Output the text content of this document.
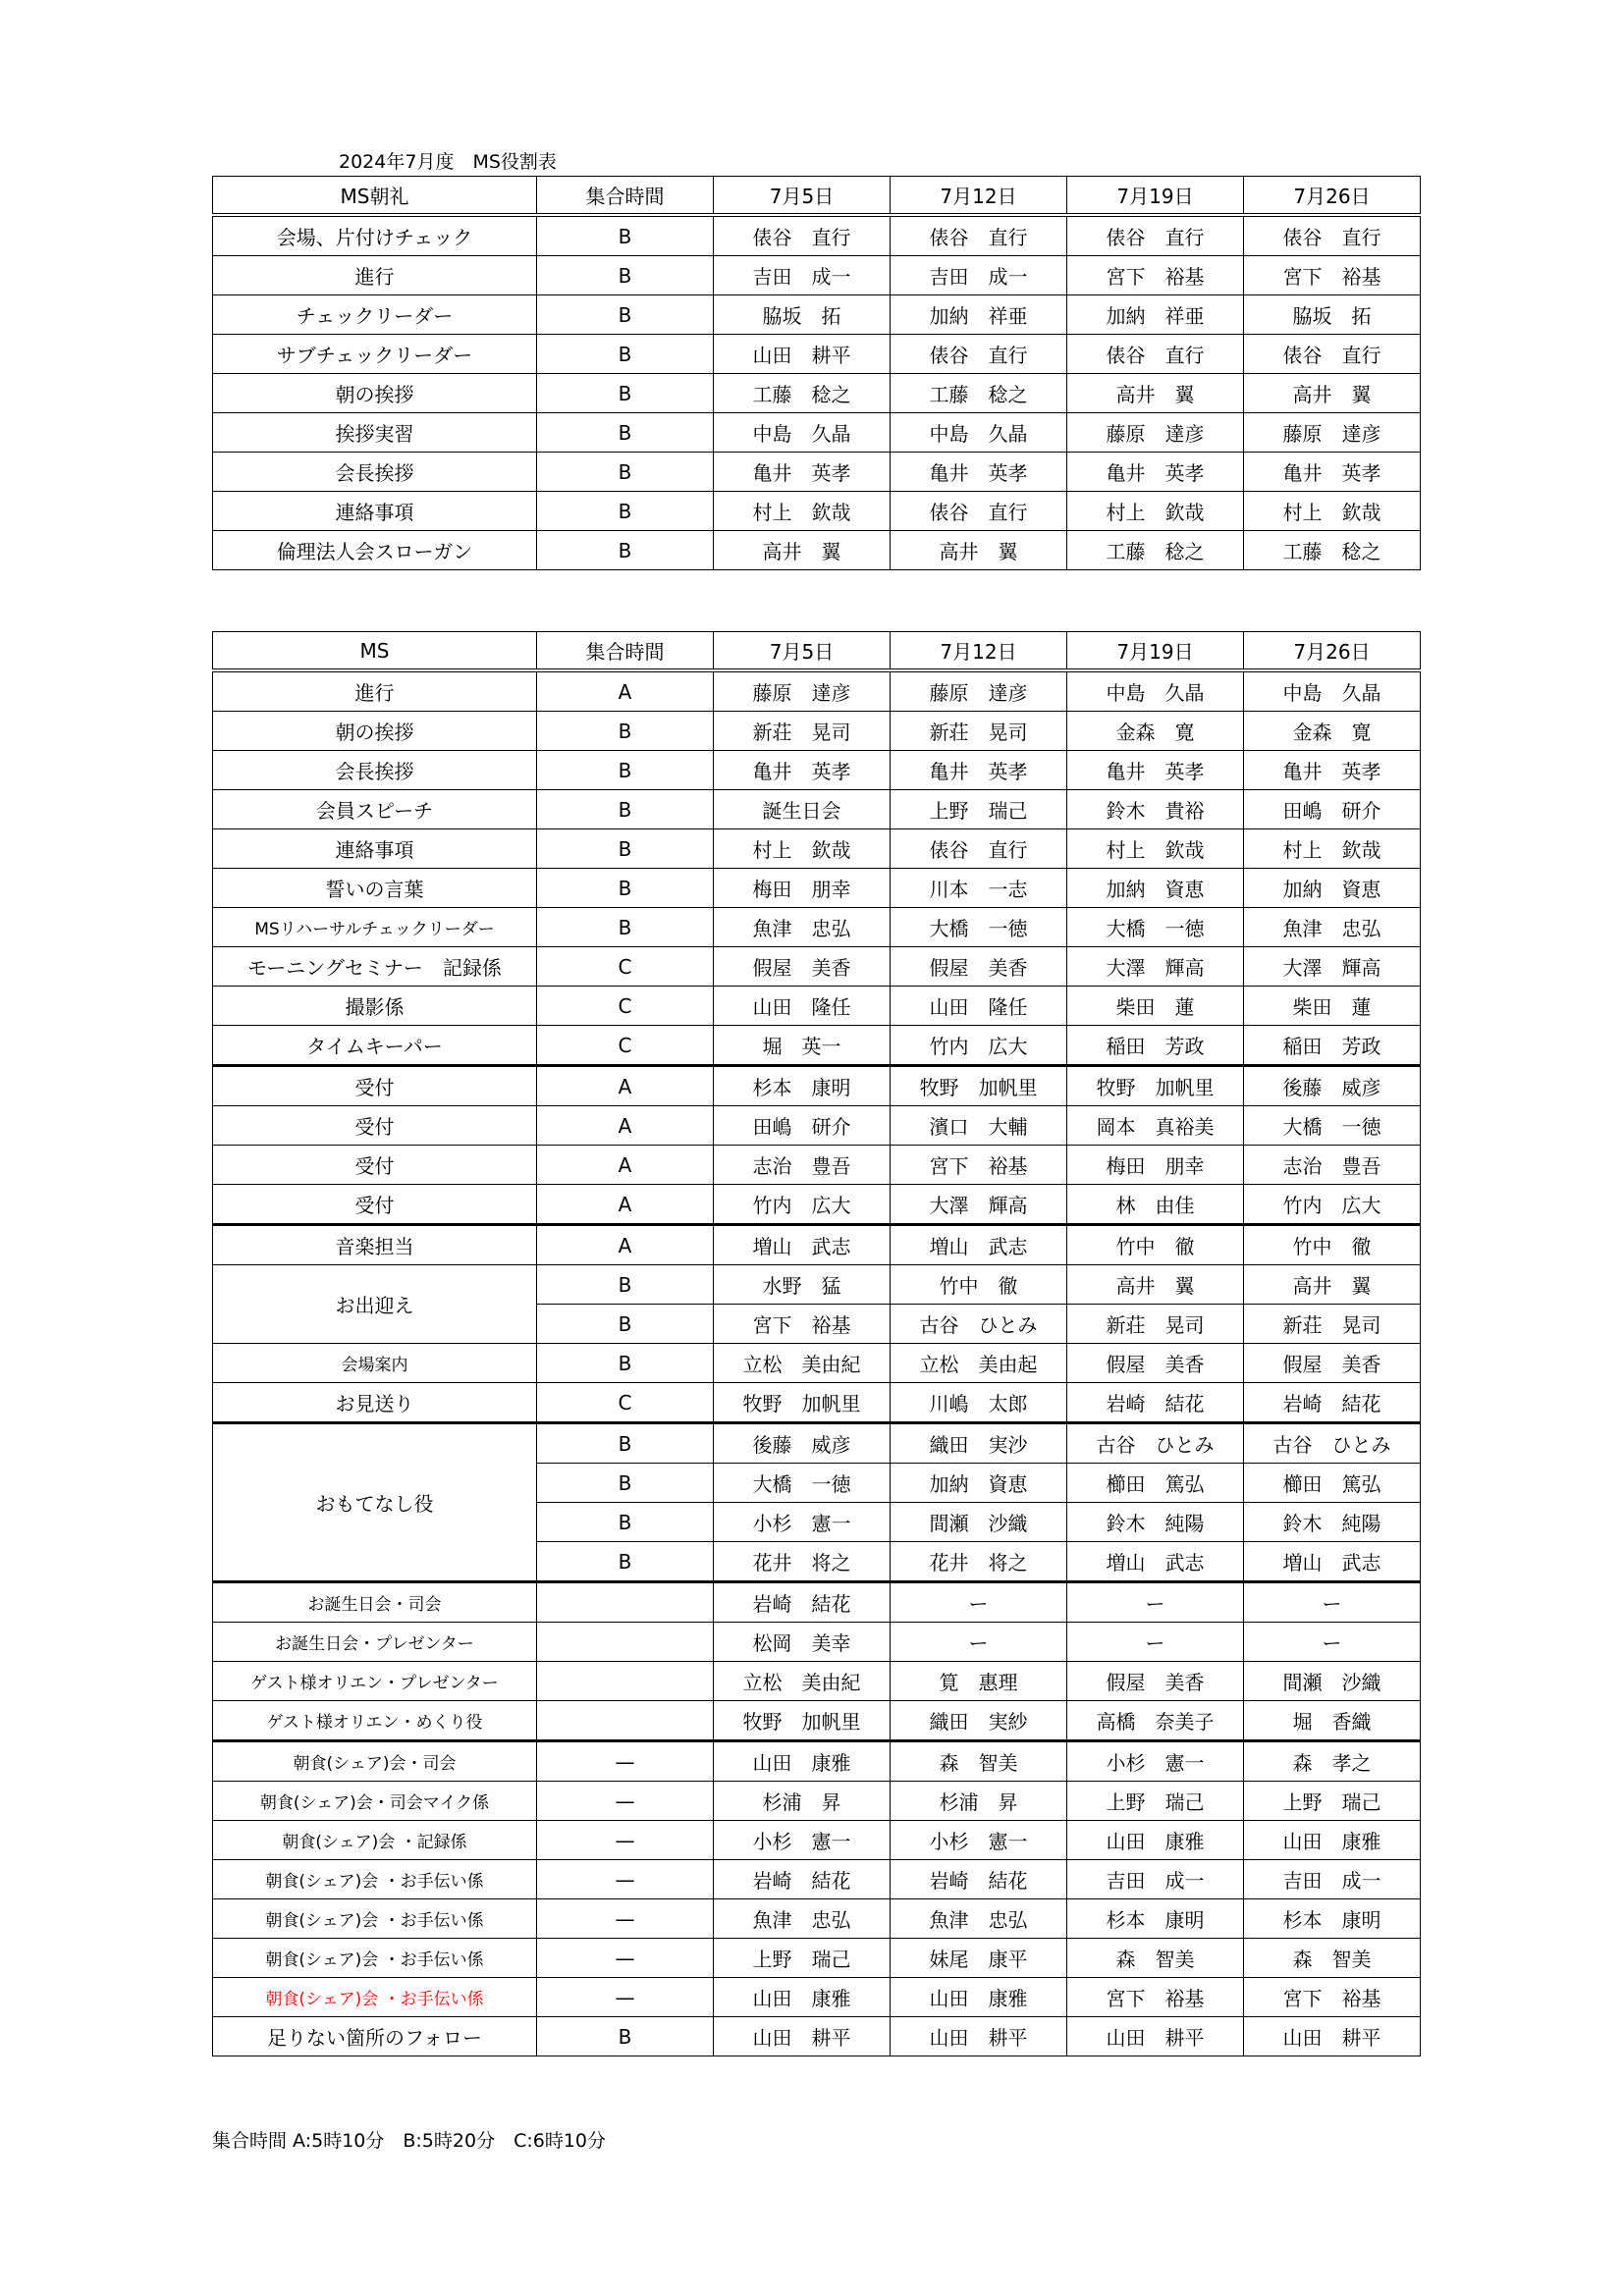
2024年7月度　MS役割表
MS朝礼	集合時間	7月5日	7月12日	7月19日	7月26日
会場、片付けチェック	B	俵谷　直行	俵谷　直行	俵谷　直行	俵谷　直行
進行	B	吉田　成一	吉田　成一	宮下　裕基	宮下　裕基
チェックリーダー	B	脇坂　拓	加納　祥亜	加納　祥亜	脇坂　拓
サブチェックリーダー	B	山田　耕平	俵谷　直行	俵谷　直行	俵谷　直行
朝の挨拶	B	工藤　稔之	工藤　稔之	高井　翼	高井　翼
挨拶実習	B	中島　久晶	中島　久晶	藤原　達彦	藤原　達彦
会長挨拶	B	亀井　英孝	亀井　英孝	亀井　英孝	亀井　英孝
連絡事項	B	村上　欽哉	俵谷　直行	村上　欽哉	村上　欽哉
倫理法人会スローガン	B	高井　翼	高井　翼	工藤　稔之	工藤　稔之
MS	集合時間	7月5日	7月12日	7月19日	7月26日
進行	A	藤原　達彦	藤原　達彦	中島　久晶	中島　久晶
朝の挨拶	B	新荘　晃司	新荘　晃司	金森　寛	金森　寛
会長挨拶	B	亀井　英孝	亀井　英孝	亀井　英孝	亀井　英孝
会員スピーチ	B	誕生日会	上野　瑞己	鈴木　貴裕	田嶋　研介
連絡事項	B	村上　欽哉	俵谷　直行	村上　欽哉	村上　欽哉
誓いの言葉	B	梅田　朋幸	川本　一志	加納　資恵	加納　資恵
MSリハーサルチェックリーダー	B	魚津　忠弘	大橋　一徳	大橋　一徳	魚津　忠弘
モーニングセミナー　記録係	C	假屋　美香	假屋　美香	大澤　輝高	大澤　輝高
撮影係	C	山田　隆任	山田　隆任	柴田　蓮	柴田　蓮
タイムキーパー	C	堀　英一	竹内　広大	稲田　芳政	稲田　芳政
受付	A	杉本　康明	牧野　加帆里	牧野　加帆里	後藤　威彦
受付	A	田嶋　研介	濱口　大輔	岡本　真裕美	大橋　一徳
受付	A	志治　豊吾	宮下　裕基	梅田　朋幸	志治　豊吾
受付	A	竹内　広大	大澤　輝高	林　由佳	竹内　広大
音楽担当	A	増山　武志	増山　武志	竹中　徹	竹中　徹
お出迎え	B	水野　猛	竹中　徹	高井　翼	高井　翼
	B	宮下　裕基	古谷　ひとみ	新荘　晃司	新荘　晃司
会場案内	B	立松　美由紀	立松　美由起	假屋　美香	假屋　美香
お見送り	C	牧野　加帆里	川嶋　太郎	岩崎　結花	岩崎　結花
おもてなし役	B	後藤　威彦	織田　実沙	古谷　ひとみ	古谷　ひとみ
	B	大橋　一徳	加納　資恵	櫛田　篤弘	櫛田　篤弘
	B	小杉　憲一	間瀬　沙織	鈴木　純陽	鈴木　純陽
	B	花井　将之	花井　将之	増山　武志	増山　武志
お誕生日会・司会		岩崎　結花	ー	ー	ー
お誕生日会・プレゼンター		松岡　美幸	ー	ー	ー
ゲスト様オリエン・プレゼンター		立松　美由紀	筧　惠理	假屋　美香	間瀬　沙織
ゲスト様オリエン・めくり役		牧野　加帆里	織田　実紗	高橋　奈美子	堀　香織
朝食(シェア)会・司会	—	山田　康雅	森　智美	小杉　憲一	森　孝之
朝食(シェア)会・司会マイク係	—	杉浦　昇	杉浦　昇	上野　瑞己	上野　瑞己
朝食(シェア)会 ・記録係	—	小杉　憲一	小杉　憲一	山田　康雅	山田　康雅
朝食(シェア)会 ・お手伝い係	—	岩崎　結花	岩崎　結花	吉田　成一	吉田　成一
朝食(シェア)会 ・お手伝い係	—	魚津　忠弘	魚津　忠弘	杉本　康明	杉本　康明
朝食(シェア)会 ・お手伝い係	—	上野　瑞己	妹尾　康平	森　智美	森　智美
朝食(シェア)会 ・お手伝い係	—	山田　康雅	山田　康雅	宮下　裕基	宮下　裕基
足りない箇所のフォロー	B	山田　耕平	山田　耕平	山田　耕平	山田　耕平
集合時間 A:5時10分　B:5時20分　C:6時10分
